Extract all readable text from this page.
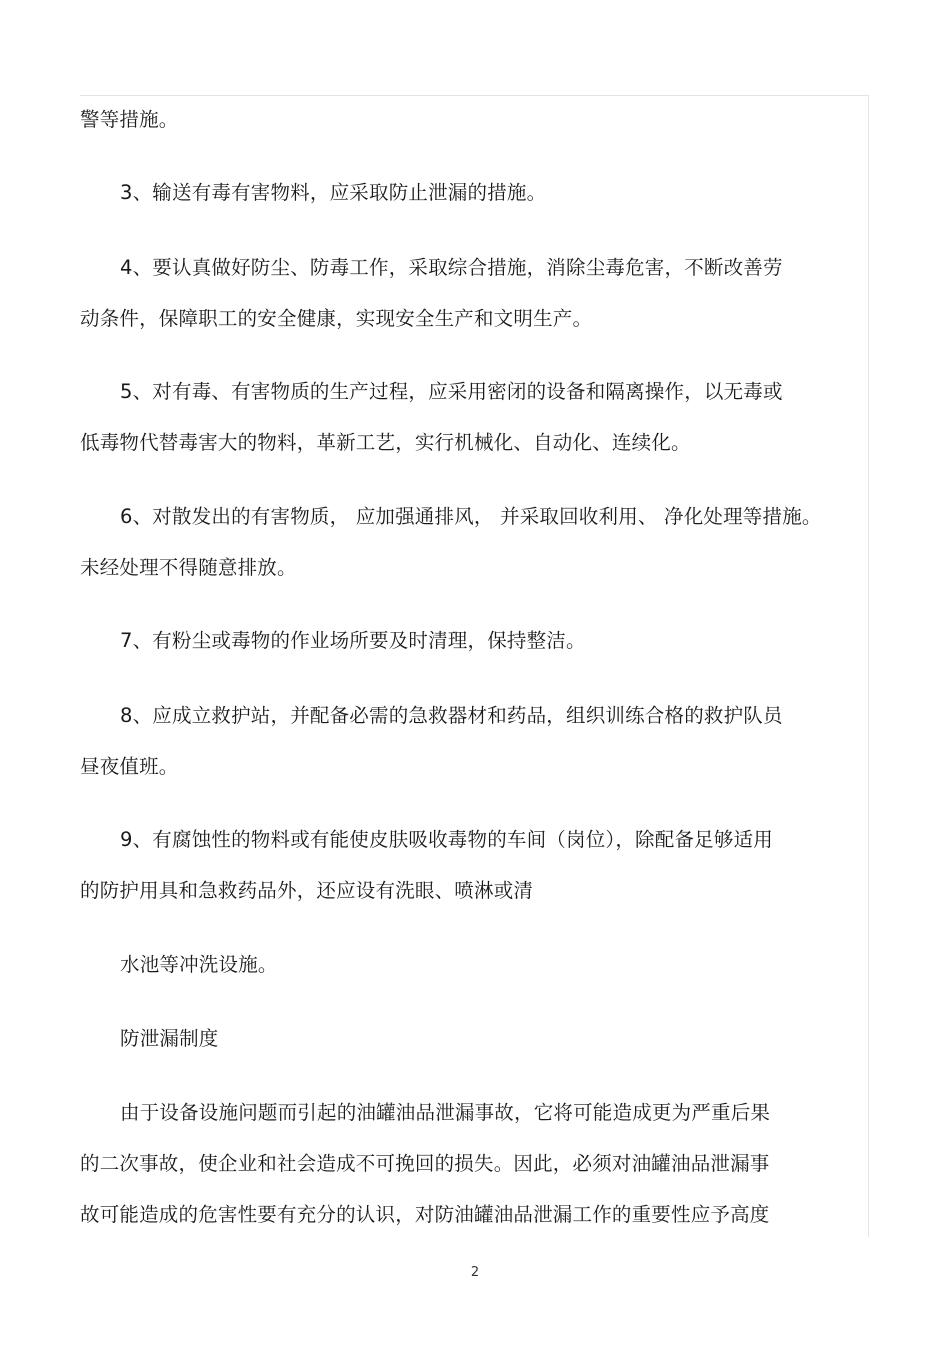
警等措施。
3、输送有毒有害物料，应采取防止泄漏的措施。
4、要认真做好防尘、防毒工作，采取综合措施，消除尘毒危害，不断改善劳
动条件，保障职工的安全健康，实现安全生产和文明生产。
5、对有毒、有害物质的生产过程，应采用密闭的设备和隔离操作，以无毒或
低毒物代替毒害大的物料，革新工艺，实行机械化、自动化、连续化。
6、对散发出的有害物质， 应加强通排风， 并采取回收利用、 净化处理等措施。
未经处理不得随意排放。
7、有粉尘或毒物的作业场所要及时清理，保持整洁。
8、应成立救护站，并配备必需的急救器材和药品，组织训练合格的救护队员
昼夜值班。
9、有腐蚀性的物料或有能使皮肤吸收毒物的车间（岗位），除配备足够适用
的防护用具和急救药品外，还应设有洗眼、喷淋或清
水池等冲洗设施。
防泄漏制度
由于设备设施问题而引起的油罐油品泄漏事故，它将可能造成更为严重后果
的二次事故，使企业和社会造成不可挽回的损失。因此，必须对油罐油品泄漏事
故可能造成的危害性要有充分的认识，对防油罐油品泄漏工作的重要性应予高度
2
